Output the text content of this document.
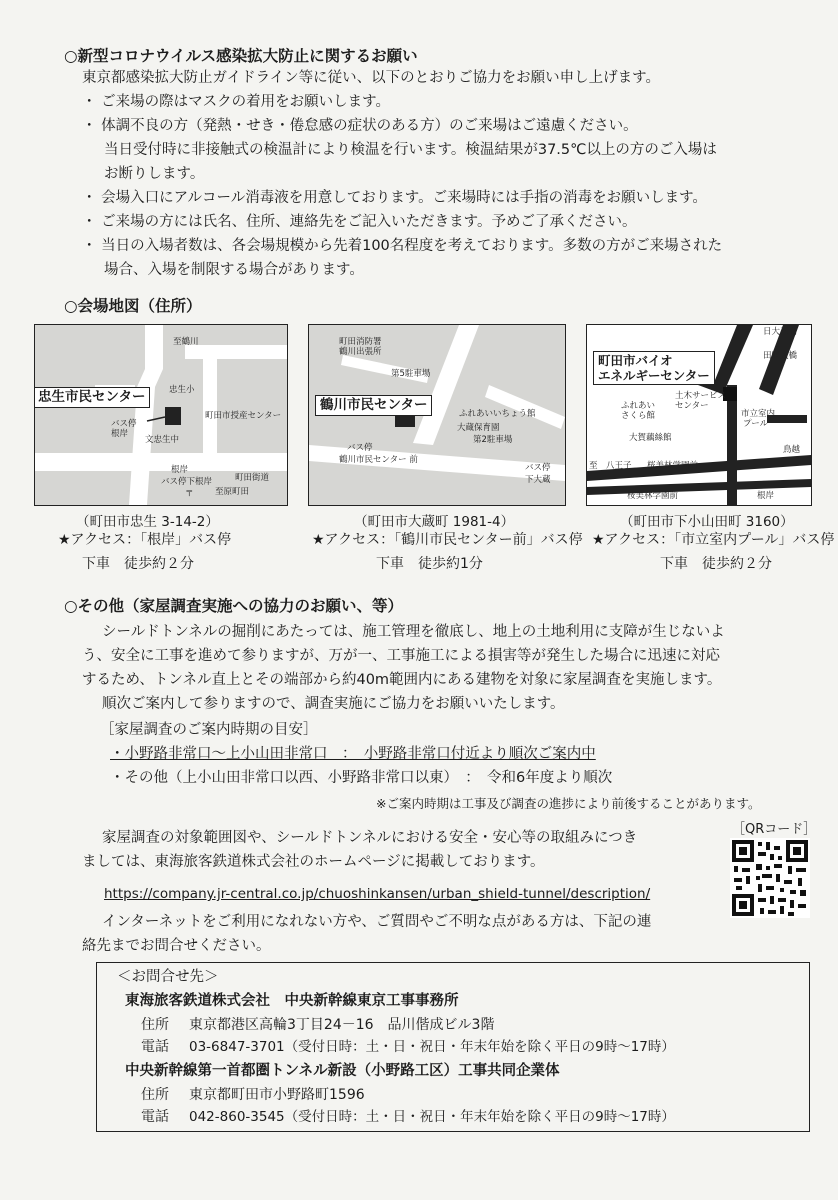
○新型コロナウイルス感染拡大防止に関するお願い
東京都感染拡大防止ガイドライン等に従い、以下のとおりご協力をお願い申し上げます。
・ ご来場の際はマスクの着用をお願いします。
・ 体調不良の方（発熱・せき・倦怠感の症状のある方）のご来場はご遠慮ください。
当日受付時に非接触式の検温計により検温を行います。検温結果が37.5℃以上の方のご入場は
お断りします。
・ 会場入口にアルコール消毒液を用意しております。ご来場時には手指の消毒をお願いします。
・ ご来場の方には氏名、住所、連絡先をご記入いただきます。予めご了承ください。
・ 当日の入場者数は、各会場規模から先着100名程度を考えております。多数の方がご来場された
場合、入場を制限する場合があります。
○会場地図（住所）
至鶴川
忠生小
町田市授産センター
バス停
根岸
文忠生中
根岸
バス停下根岸	町田街道
至原町田
〒
忠生市民センター
（町田市忠生 3-14-2）
★アクセス：「根岸」バス停
下車　徒歩約２分
町田消防署
鶴川出張所
第5駐車場
ふれあいいちょう館
大蔵保育園
第2駐車場
バス停
鶴川市民センター 前
バス停
下大蔵
鶴川市民センター
（町田市大蔵町 1981-4）
★アクセス：「鶴川市民センター前」バス停
下車　徒歩約1分
日大三高
田畔大橋
ふれあい
さくら館
土木サービス
センター
大賀藕絲館
市立室内
プール
鳥越
至　八王子 桜美林学園前
桜美林学園前	根岸
町田市バイオ
エネルギーセンター
（町田市下小山田町 3160）
★アクセス：「市立室内プール」バス停
下車　徒歩約２分
○その他（家屋調査実施への協力のお願い、等）
シールドトンネルの掘削にあたっては、施工管理を徹底し、地上の土地利用に支障が生じないよ
う、安全に工事を進めて参りますが、万が一、工事施工による損害等が発生した場合に迅速に対応
するため、トンネル直上とその端部から約40m範囲内にある建物を対象に家屋調査を実施します。
順次ご案内して参りますので、調査実施にご協力をお願いいたします。
［家屋調査のご案内時期の目安］
・小野路非常口～上小山田非常口　：　小野路非常口付近より順次ご案内中
・その他（上小山田非常口以西、小野路非常口以東）　：　令和6年度より順次
※ご案内時期は工事及び調査の進捗により前後することがあります。
家屋調査の対象範囲図や、シールドトンネルにおける安全・安心等の取組みにつき
ましては、東海旅客鉄道株式会社のホームページに掲載しております。
［QRコード］
https://company.jr-central.co.jp/chuoshinkansen/urban_shield-tunnel/description/
インターネットをご利用になれない方や、ご質問やご不明な点がある方は、下記の連
絡先までお問合せください。
＜お問合せ先＞
東海旅客鉄道株式会社　中央新幹線東京工事事務所
住所 東京都港区高輪3丁目24－16　品川偕成ビル3階
電話 03-6847-3701（受付日時：土・日・祝日・年末年始を除く平日の9時～17時）
中央新幹線第一首都圏トンネル新設（小野路工区）工事共同企業体
住所 東京都町田市小野路町1596
電話 042-860-3545（受付日時：土・日・祝日・年末年始を除く平日の9時～17時）
